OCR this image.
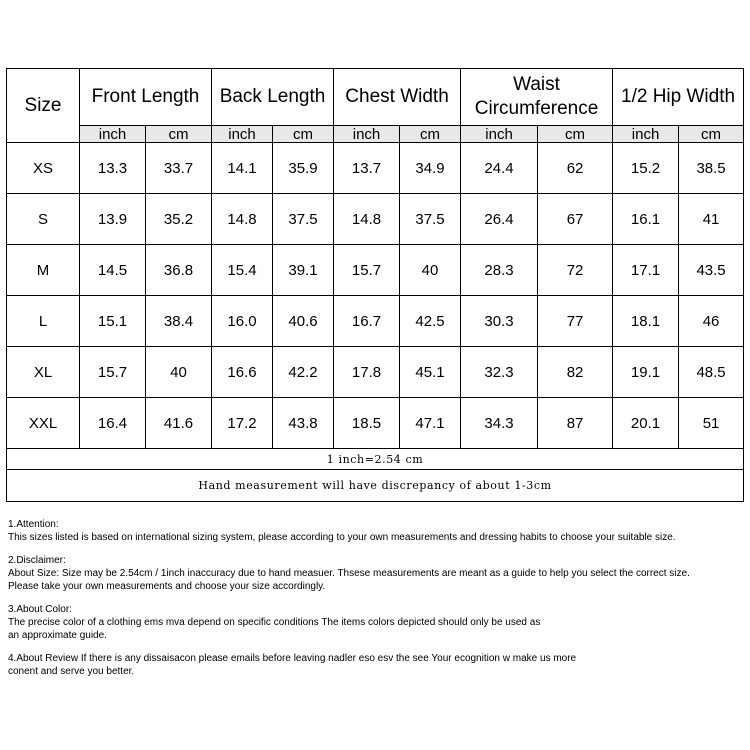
Size	Front Length		Back Length		Chest Width		Waist Circumference		1/2 Hip Width	
	inch	cm	inch	cm	inch	cm	inch	cm	inch	cm
XS	13.3	33.7	14.1	35.9	13.7	34.9	24.4	62	15.2	38.5
S	13.9	35.2	14.8	37.5	14.8	37.5	26.4	67	16.1	41
M	14.5	36.8	15.4	39.1	15.7	40	28.3	72	17.1	43.5
L	15.1	38.4	16.0	40.6	16.7	42.5	30.3	77	18.1	46
XL	15.7	40	16.6	42.2	17.8	45.1	32.3	82	19.1	48.5
XXL	16.4	41.6	17.2	43.8	18.5	47.1	34.3	87	20.1	51
1 inch=2.54 cm										
Hand measurement will have discrepancy of about 1-3cm										
1.Attention:
This sizes listed is based on international sizing system, please according to your own measurements and dressing habits to choose your suitable size.
2.Disclaimer:
About Size: Size may be 2.54cm / 1inch inaccuracy due to hand measuer. Thsese measurements are meant as a guide to help you select the correct size.
Please take your own measurements and choose your size accordingly.
3.About Color:
The precise color of a clothing ems mva depend on specific conditions The items colors depicted should only be used as
an approximate guide.
4.About Review If there is any dissaisacon please emails before leaving nadler eso esv the see Your ecognition w make us more
conent and serve you better.
